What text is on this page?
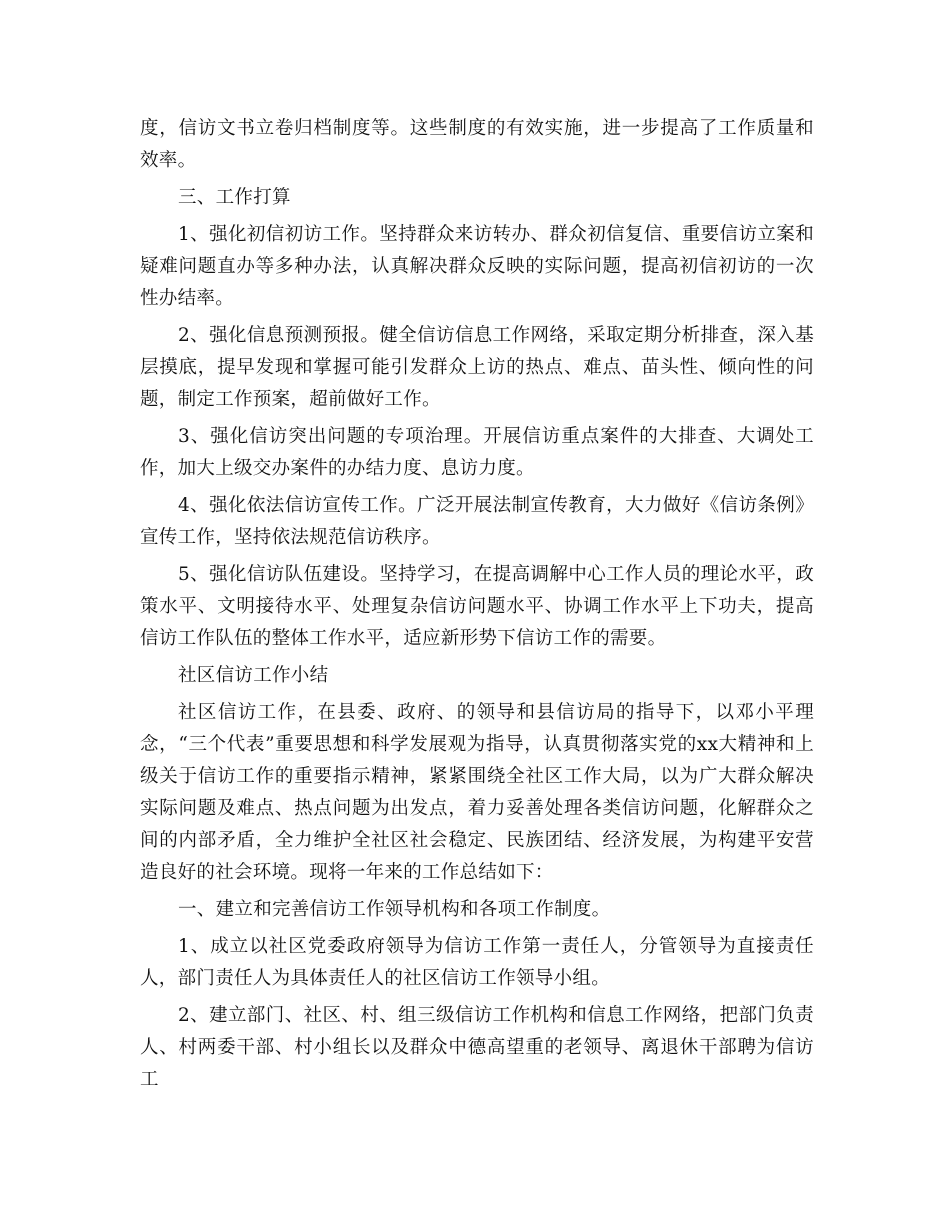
度，信访文书立卷归档制度等。这些制度的有效实施，进一步提高了工作质量和效率。

三、工作打算

1、强化初信初访工作。坚持群众来访转办、群众初信复信、重要信访立案和疑难问题直办等多种办法，认真解决群众反映的实际问题，提高初信初访的一次性办结率。

2、强化信息预测预报。健全信访信息工作网络，采取定期分析排查，深入基层摸底，提早发现和掌握可能引发群众上访的热点、难点、苗头性、倾向性的问题，制定工作预案，超前做好工作。

3、强化信访突出问题的专项治理。开展信访重点案件的大排查、大调处工作，加大上级交办案件的办结力度、息访力度。

4、强化依法信访宣传工作。广泛开展法制宣传教育，大力做好《信访条例》宣传工作，坚持依法规范信访秩序。

5、强化信访队伍建设。坚持学习，在提高调解中心工作人员的理论水平，政策水平、文明接待水平、处理复杂信访问题水平、协调工作水平上下功夫，提高信访工作队伍的整体工作水平，适应新形势下信访工作的需要。

社区信访工作小结

社区信访工作，在县委、政府、的领导和县信访局的指导下，以邓小平理念，“三个代表”重要思想和科学发展观为指导，认真贯彻落实党的xx大精神和上级关于信访工作的重要指示精神，紧紧围绕全社区工作大局，以为广大群众解决实际问题及难点、热点问题为出发点，着力妥善处理各类信访问题，化解群众之间的内部矛盾，全力维护全社区社会稳定、民族团结、经济发展，为构建平安营造良好的社会环境。现将一年来的工作总结如下：

一、建立和完善信访工作领导机构和各项工作制度。

1、成立以社区党委政府领导为信访工作第一责任人，分管领导为直接责任人，部门责任人为具体责任人的社区信访工作领导小组。

2、建立部门、社区、村、组三级信访工作机构和信息工作网络，把部门负责人、村两委干部、村小组长以及群众中德高望重的老领导、离退休干部聘为信访工
